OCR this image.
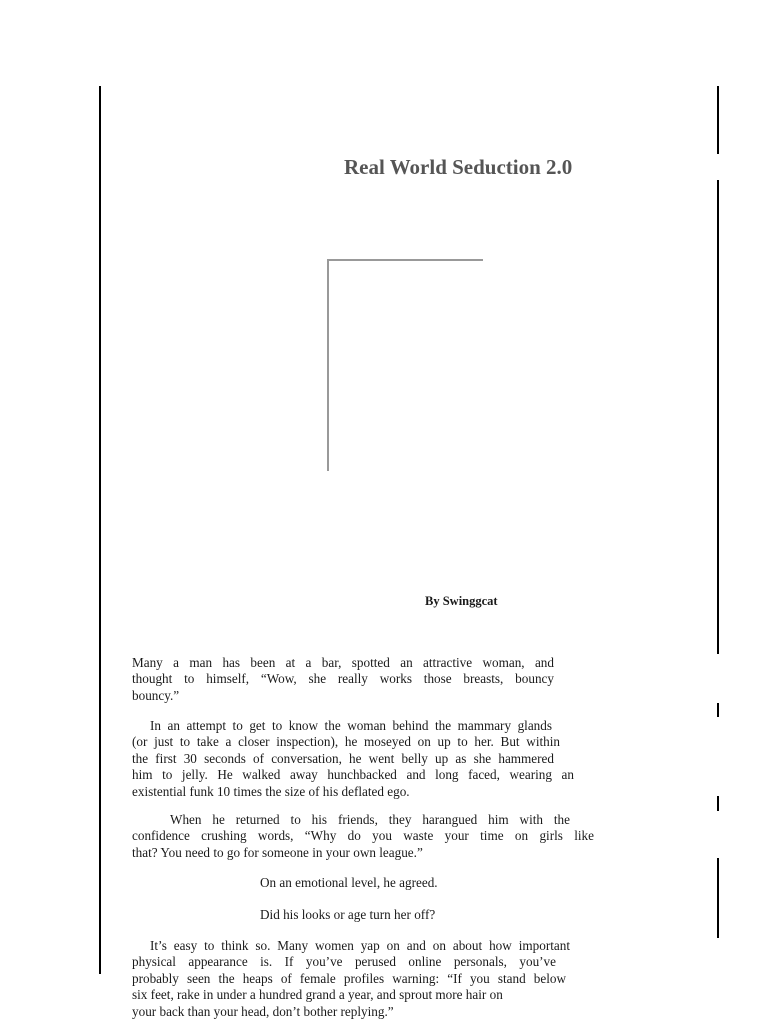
Real World Seduction 2.0
By Swinggcat

Many a man has been at a bar, spotted an attractive woman, and
thought to himself, “Wow, she really works those breasts, bouncy
bouncy.”

In an attempt to get to know the woman behind the mammary glands
(or just to take a closer inspection), he moseyed on up to her. But within
the first 30 seconds of conversation, he went belly up as she hammered
him to jelly. He walked away hunchbacked and long faced, wearing an
existential funk 10 times the size of his deflated ego.

When he returned to his friends, they harangued him with the
confidence crushing words, “Why do you waste your time on girls like
that? You need to go for someone in your own league.”

On an emotional level, he agreed.
Did his looks or age turn her off?

It’s easy to think so. Many women yap on and on about how important
physical appearance is. If you’ve perused online personals, you’ve
probably seen the heaps of female profiles warning: “If you stand below
six feet, rake in under a hundred grand a year, and sprout more hair on
your back than your head, don’t bother replying.”
